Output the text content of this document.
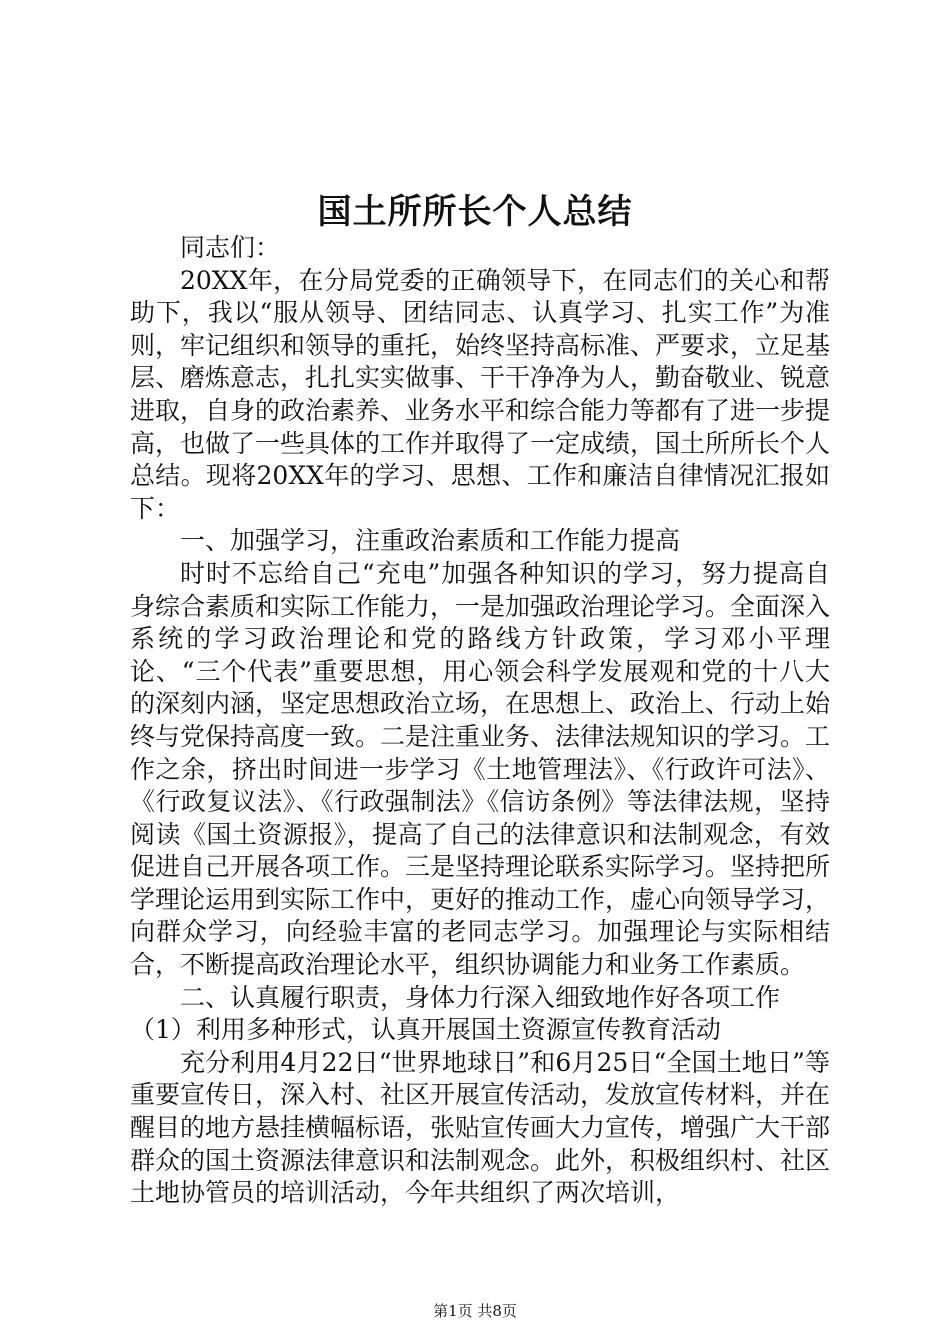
国土所所长个人总结

同志们：

20XX年，在分局党委的正确领导下，在同志们的关心和帮助下，我以“服从领导、团结同志、认真学习、扎实工作”为准则，牢记组织和领导的重托，始终坚持高标准、严要求，立足基层、磨炼意志，扎扎实实做事、干干净净为人，勤奋敬业、锐意进取，自身的政治素养、业务水平和综合能力等都有了进一步提高，也做了一些具体的工作并取得了一定成绩，国土所所长个人总结。现将20XX年的学习、思想、工作和廉洁自律情况汇报如下：

一、加强学习，注重政治素质和工作能力提高

时时不忘给自己“充电”加强各种知识的学习，努力提高自身综合素质和实际工作能力，一是加强政治理论学习。全面深入系统的学习政治理论和党的路线方针政策，学习邓小平理论、“三个代表”重要思想，用心领会科学发展观和党的十八大的深刻内涵，坚定思想政治立场，在思想上、政治上、行动上始终与党保持高度一致。二是注重业务、法律法规知识的学习。工作之余，挤出时间进一步学习《土地管理法》、《行政许可法》、《行政复议法》、《行政强制法》《信访条例》等法律法规，坚持阅读《国土资源报》，提高了自己的法律意识和法制观念，有效促进自己开展各项工作。三是坚持理论联系实际学习。坚持把所学理论运用到实际工作中，更好的推动工作，虚心向领导学习，向群众学习，向经验丰富的老同志学习。加强理论与实际相结合，不断提高政治理论水平，组织协调能力和业务工作素质。

二、认真履行职责，身体力行深入细致地作好各项工作

（1）利用多种形式，认真开展国土资源宣传教育活动

充分利用4月22日“世界地球日”和6月25日“全国土地日”等重要宣传日，深入村、社区开展宣传活动，发放宣传材料，并在醒目的地方悬挂横幅标语，张贴宣传画大力宣传，增强广大干部群众的国土资源法律意识和法制观念。此外，积极组织村、社区土地协管员的培训活动，今年共组织了两次培训，

第1页 共8页
